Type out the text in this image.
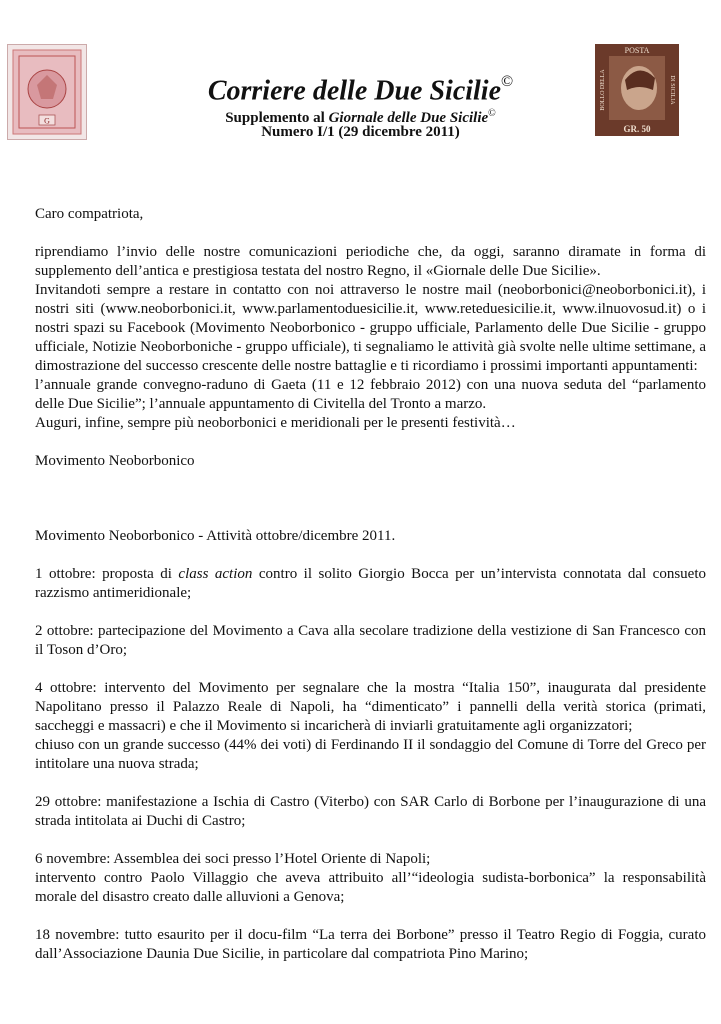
G
POSTA
GR. 50
BOLLO DELLA	DI SICILIA
Corriere delle Due Sicilie©
Supplemento al Giornale delle Due Sicilie©
Numero I/1 (29 dicembre 2011)

Caro compatriota,

riprendiamo l’invio delle nostre comunicazioni periodiche che, da oggi, saranno diramate in forma di supplemento dell’antica e prestigiosa testata del nostro Regno, il «Giornale delle Due Sicilie».

Invitandoti sempre a restare in contatto con noi attraverso le nostre mail (neoborbonici@neoborbonici.it), i nostri siti (www.neoborbonici.it, www.parlamentoduesicilie.it, www.reteduesicilie.it, www.ilnuovosud.it) o i nostri spazi su Facebook (Movimento Neoborbonico - gruppo ufficiale, Parlamento delle Due Sicilie - gruppo ufficiale, Notizie Neoborboniche - gruppo ufficiale), ti segnaliamo le attività già svolte nelle ultime settimane, a dimostrazione del successo crescente delle nostre battaglie e ti ricordiamo i prossimi importanti appuntamenti:

l’annuale grande convegno-raduno di Gaeta (11 e 12 febbraio 2012) con una nuova seduta del “parlamento delle Due Sicilie”; l’annuale appuntamento di Civitella del Tronto a marzo.

Auguri, infine, sempre più neoborbonici e meridionali per le presenti festività…

Movimento Neoborbonico

Movimento Neoborbonico - Attività ottobre/dicembre 2011.

1 ottobre: proposta di class action contro il solito Giorgio Bocca per un’intervista connotata dal consueto razzismo antimeridionale;

2 ottobre: partecipazione del Movimento a Cava alla secolare tradizione della vestizione di San Francesco con il Toson d’Oro;

4 ottobre: intervento del Movimento per segnalare che la mostra “Italia 150”, inaugurata dal presidente Napolitano presso il Palazzo Reale di Napoli, ha “dimenticato” i pannelli della verità storica (primati, saccheggi e massacri) e che il Movimento si incaricherà di inviarli gratuitamente agli organizzatori;

chiuso con un grande successo (44% dei voti) di Ferdinando II il sondaggio del Comune di Torre del Greco per intitolare una nuova strada;

29 ottobre: manifestazione a Ischia di Castro (Viterbo) con SAR Carlo di Borbone per l’inaugurazione di una strada intitolata ai Duchi di Castro;

6 novembre: Assemblea dei soci presso l’Hotel Oriente di Napoli;

intervento contro Paolo Villaggio che aveva attribuito all’“ideologia sudista-borbonica” la responsabilità morale del disastro creato dalle alluvioni a Genova;

18 novembre: tutto esaurito per il docu-film “La terra dei Borbone” presso il Teatro Regio di Foggia, curato dall’Associazione Daunia Due Sicilie, in particolare dal compatriota Pino Marino;
